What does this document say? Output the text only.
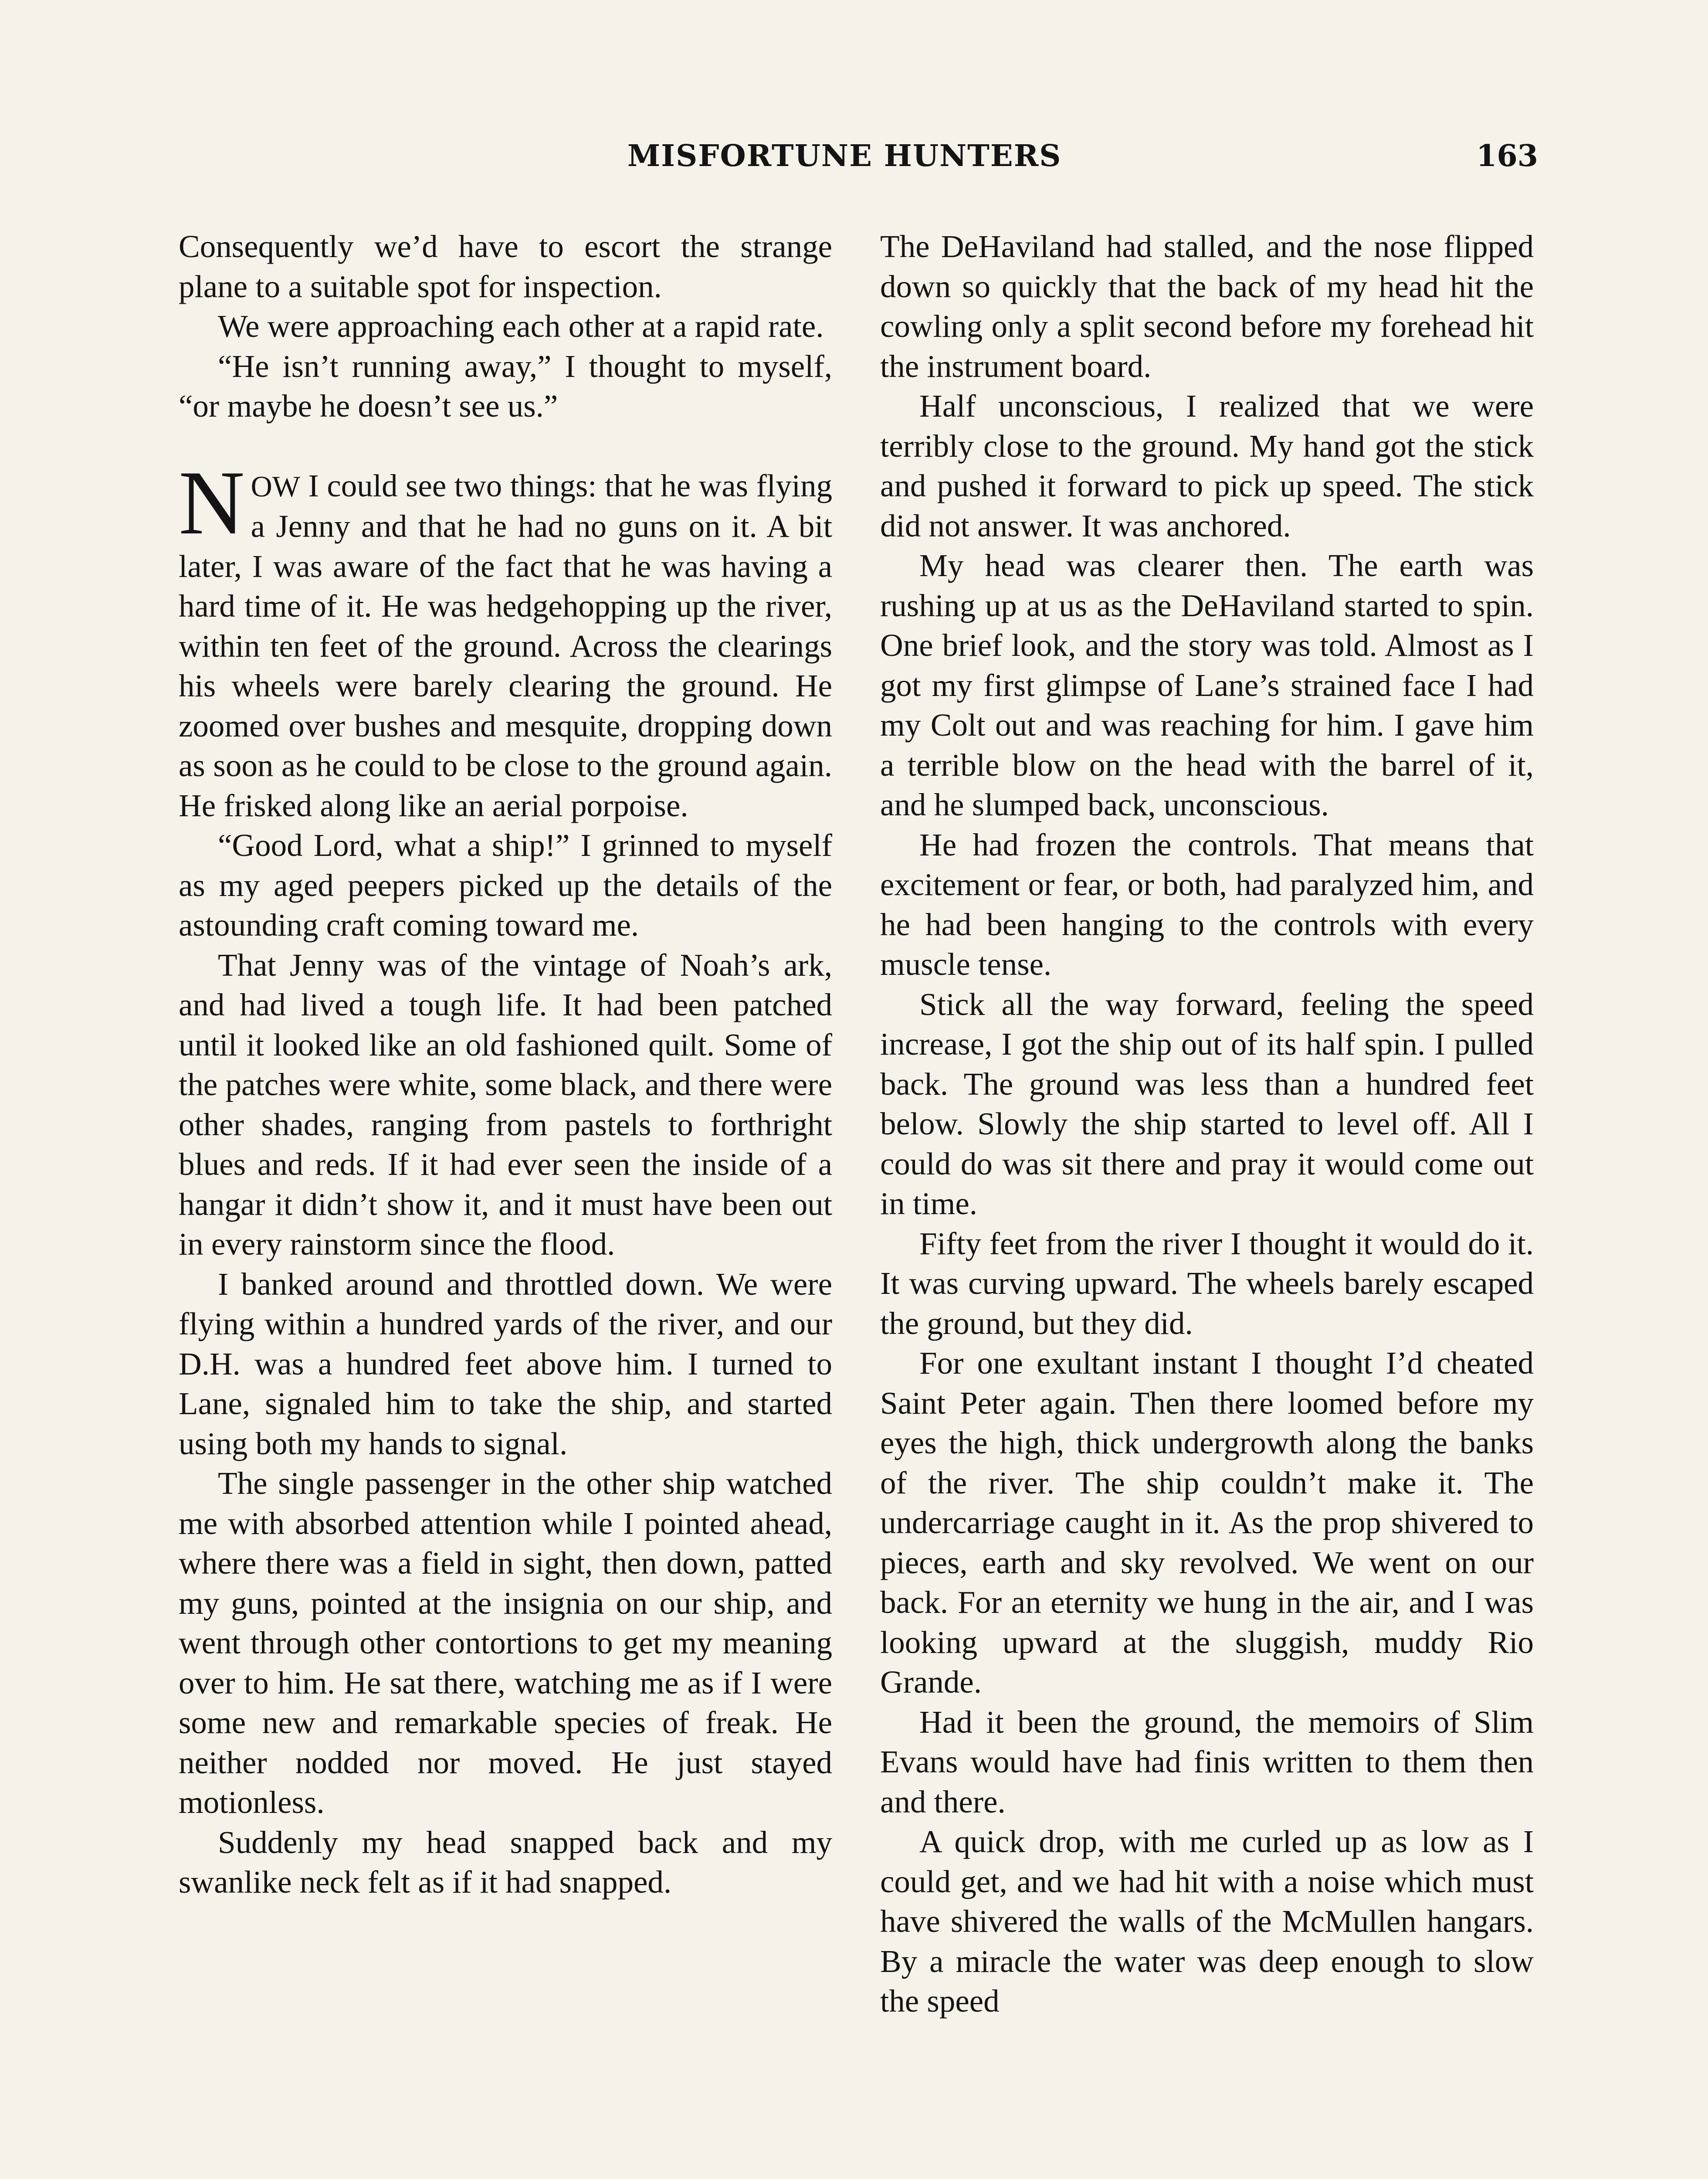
MISFORTUNE HUNTERS	163

Consequently we’d have to escort the strange plane to a suitable spot for inspection.

We were approaching each other at a rapid rate.

“He isn’t running away,” I thought to myself, “or maybe he doesn’t see us.”

NOW I could see two things: that he was flying a Jenny and that he had no guns on it. A bit later, I was aware of the fact that he was having a hard time of it. He was hedgehopping up the river, within ten feet of the ground. Across the clearings his wheels were barely clearing the ground. He zoomed over bushes and mesquite, dropping down as soon as he could to be close to the ground again. He frisked along like an aerial porpoise.

“Good Lord, what a ship!” I grinned to myself as my aged peepers picked up the details of the astounding craft coming toward me.

That Jenny was of the vintage of Noah’s ark, and had lived a tough life. It had been patched until it looked like an old fashioned quilt. Some of the patches were white, some black, and there were other shades, ranging from pastels to forthright blues and reds. If it had ever seen the inside of a hangar it didn’t show it, and it must have been out in every rainstorm since the flood.

I banked around and throttled down. We were flying within a hundred yards of the river, and our D.H. was a hundred feet above him. I turned to Lane, signaled him to take the ship, and started using both my hands to signal.

The single passenger in the other ship watched me with absorbed attention while I pointed ahead, where there was a field in sight, then down, patted my guns, pointed at the insignia on our ship, and went through other contortions to get my meaning over to him. He sat there, watching me as if I were some new and remarkable species of freak. He neither nodded nor moved. He just stayed motionless.

Suddenly my head snapped back and my swanlike neck felt as if it had snapped.

The DeHaviland had stalled, and the nose flipped down so quickly that the back of my head hit the cowling only a split second before my forehead hit the instrument board.

Half unconscious, I realized that we were terribly close to the ground. My hand got the stick and pushed it forward to pick up speed. The stick did not answer. It was anchored.

My head was clearer then. The earth was rushing up at us as the DeHaviland started to spin. One brief look, and the story was told. Almost as I got my first glimpse of Lane’s strained face I had my Colt out and was reaching for him. I gave him a terrible blow on the head with the barrel of it, and he slumped back, unconscious.

He had frozen the controls. That means that excitement or fear, or both, had paralyzed him, and he had been hanging to the controls with every muscle tense.

Stick all the way forward, feeling the speed increase, I got the ship out of its half spin. I pulled back. The ground was less than a hundred feet below. Slowly the ship started to level off. All I could do was sit there and pray it would come out in time.

Fifty feet from the river I thought it would do it. It was curving upward. The wheels barely escaped the ground, but they did.

For one exultant instant I thought I’d cheated Saint Peter again. Then there loomed before my eyes the high, thick undergrowth along the banks of the river. The ship couldn’t make it. The undercarriage caught in it. As the prop shivered to pieces, earth and sky revolved. We went on our back. For an eternity we hung in the air, and I was looking upward at the sluggish, muddy Rio Grande.

Had it been the ground, the memoirs of Slim Evans would have had finis written to them then and there.

A quick drop, with me curled up as low as I could get, and we had hit with a noise which must have shivered the walls of the McMullen hangars. By a miracle the water was deep enough to slow the speed
